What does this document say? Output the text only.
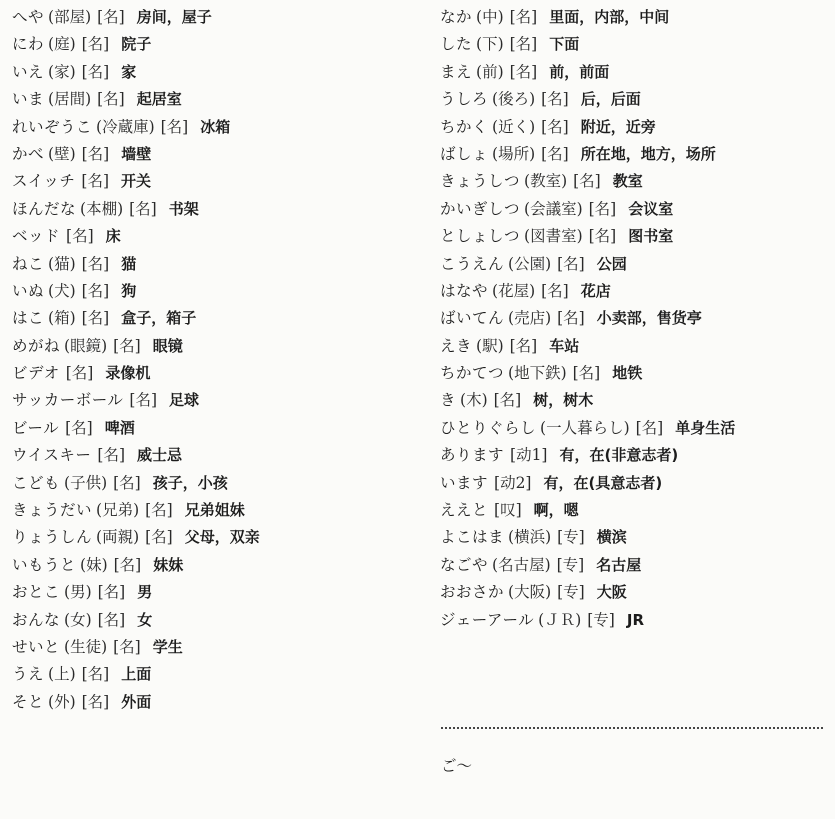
へや (部屋) [名] 房间，屋子
にわ (庭) [名] 院子
いえ (家) [名] 家
いま (居間) [名] 起居室
れいぞうこ (冷蔵庫) [名] 冰箱
かべ (壁) [名] 墙壁
スイッチ [名] 开关
ほんだな (本棚) [名] 书架
ベッド [名] 床
ねこ (猫) [名] 猫
いぬ (犬) [名] 狗
はこ (箱) [名] 盒子，箱子
めがね (眼鏡) [名] 眼镜
ビデオ [名] 录像机
サッカーボール [名] 足球
ビール [名] 啤酒
ウイスキー [名] 威士忌
こども (子供) [名] 孩子，小孩
きょうだい (兄弟) [名] 兄弟姐妹
りょうしん (両親) [名] 父母，双亲
いもうと (妹) [名] 妹妹
おとこ (男) [名] 男
おんな (女) [名] 女
せいと (生徒) [名] 学生
うえ (上) [名] 上面
そと (外) [名] 外面
なか (中) [名] 里面，内部，中间
した (下) [名] 下面
まえ (前) [名] 前，前面
うしろ (後ろ) [名] 后，后面
ちかく (近く) [名] 附近，近旁
ばしょ (場所) [名] 所在地，地方，场所
きょうしつ (教室) [名] 教室
かいぎしつ (会議室) [名] 会议室
としょしつ (図書室) [名] 图书室
こうえん (公園) [名] 公园
はなや (花屋) [名] 花店
ばいてん (売店) [名] 小卖部，售货亭
えき (駅) [名] 车站
ちかてつ (地下鉄) [名] 地铁
き (木) [名] 树，树木
ひとりぐらし (一人暮らし) [名] 单身生活
あります [动1] 有，在(非意志者)
います [动2] 有，在(具意志者)
ええと [叹] 啊，嗯
よこはま (横浜) [专] 横滨
なごや (名古屋) [专] 名古屋
おおさか (大阪) [专] 大阪
ジェーアール (ＪＲ) [专] JR
ご～
